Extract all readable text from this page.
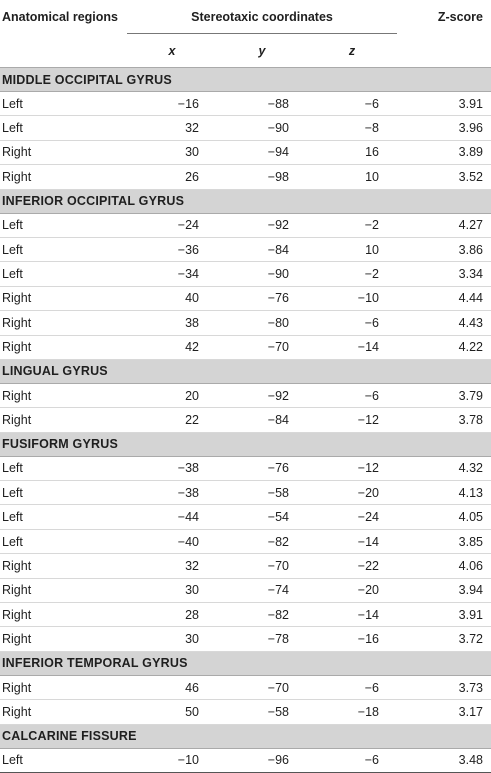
Anatomical regions	Stereotaxic coordinates			Z-score
	x	y	z	
MIDDLE OCCIPITAL GYRUS				
Left	−16	−88	−6	3.91
Left	32	−90	−8	3.96
Right	30	−94	16	3.89
Right	26	−98	10	3.52
INFERIOR OCCIPITAL GYRUS				
Left	−24	−92	−2	4.27
Left	−36	−84	10	3.86
Left	−34	−90	−2	3.34
Right	40	−76	−10	4.44
Right	38	−80	−6	4.43
Right	42	−70	−14	4.22
LINGUAL GYRUS				
Right	20	−92	−6	3.79
Right	22	−84	−12	3.78
FUSIFORM GYRUS				
Left	−38	−76	−12	4.32
Left	−38	−58	−20	4.13
Left	−44	−54	−24	4.05
Left	−40	−82	−14	3.85
Right	32	−70	−22	4.06
Right	30	−74	−20	3.94
Right	28	−82	−14	3.91
Right	30	−78	−16	3.72
INFERIOR TEMPORAL GYRUS				
Right	46	−70	−6	3.73
Right	50	−58	−18	3.17
CALCARINE FISSURE				
Left	−10	−96	−6	3.48
